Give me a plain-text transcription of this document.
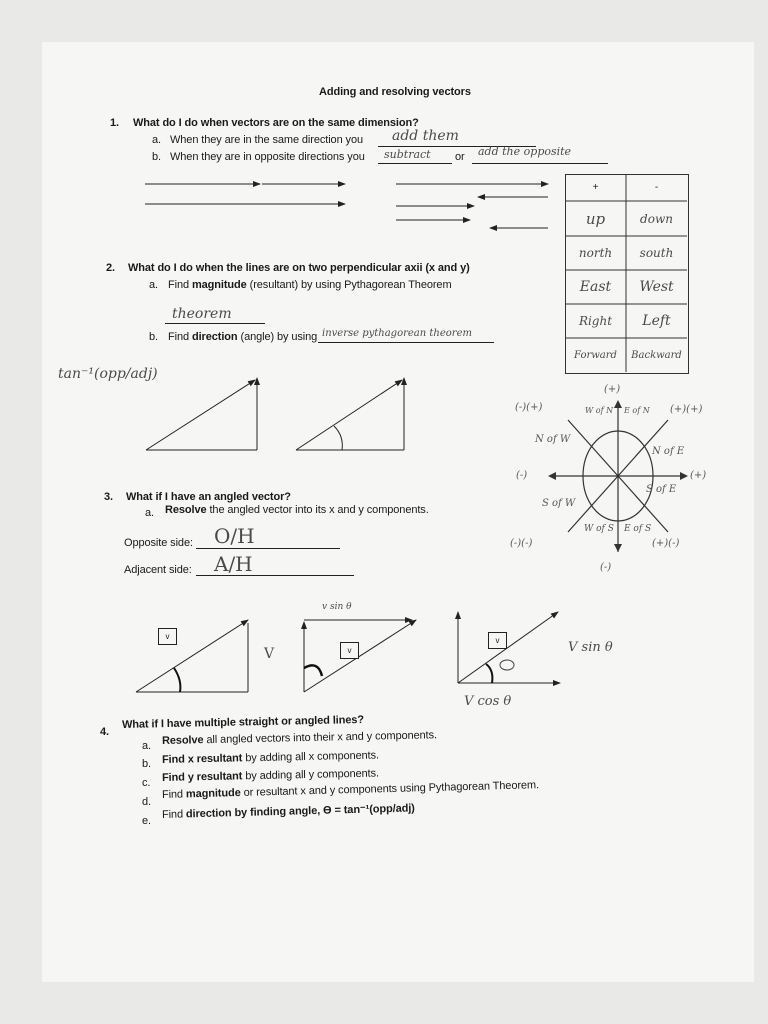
Adding and resolving vectors
1. What do I do when vectors are on the same dimension?
a. When they are in the same direction you add them
b. When they are in opposite directions you subtract or add the opposite
+	-
up	down
north	south
East	West
Right	Left
Forward	Backward
2. What do I do when the lines are on two perpendicular axii (x and y)
a. Find magnitude (resultant) by using Pythagorean Theorem
theorem
b. Find direction (angle) by using inverse pythagorean theorem
tan⁻¹(opp/adj)
(+)
(-)
(-)	(+)
(-)(+)	(+)(+)
(-)(-)	(+)(-)
W of N E of N
N of W
N of E
S of W
S of E
W of S E of S
3. What if I have an angled vector?
a. Resolve the angled vector into its x and y components.
Opposite side: O/H
Adjacent side: A/H
v
v
v
V
v sin θ
V sin θ
V cos θ
4.
What if I have multiple straight or angled lines?
a. Resolve all angled vectors into their x and y components.
b. Find x resultant by adding all x components.
c. Find y resultant by adding all y components.
d.
Find magnitude or resultant x and y components using Pythagorean Theorem.
e.
Find direction by finding angle, ϴ = tan⁻¹(opp/adj)
